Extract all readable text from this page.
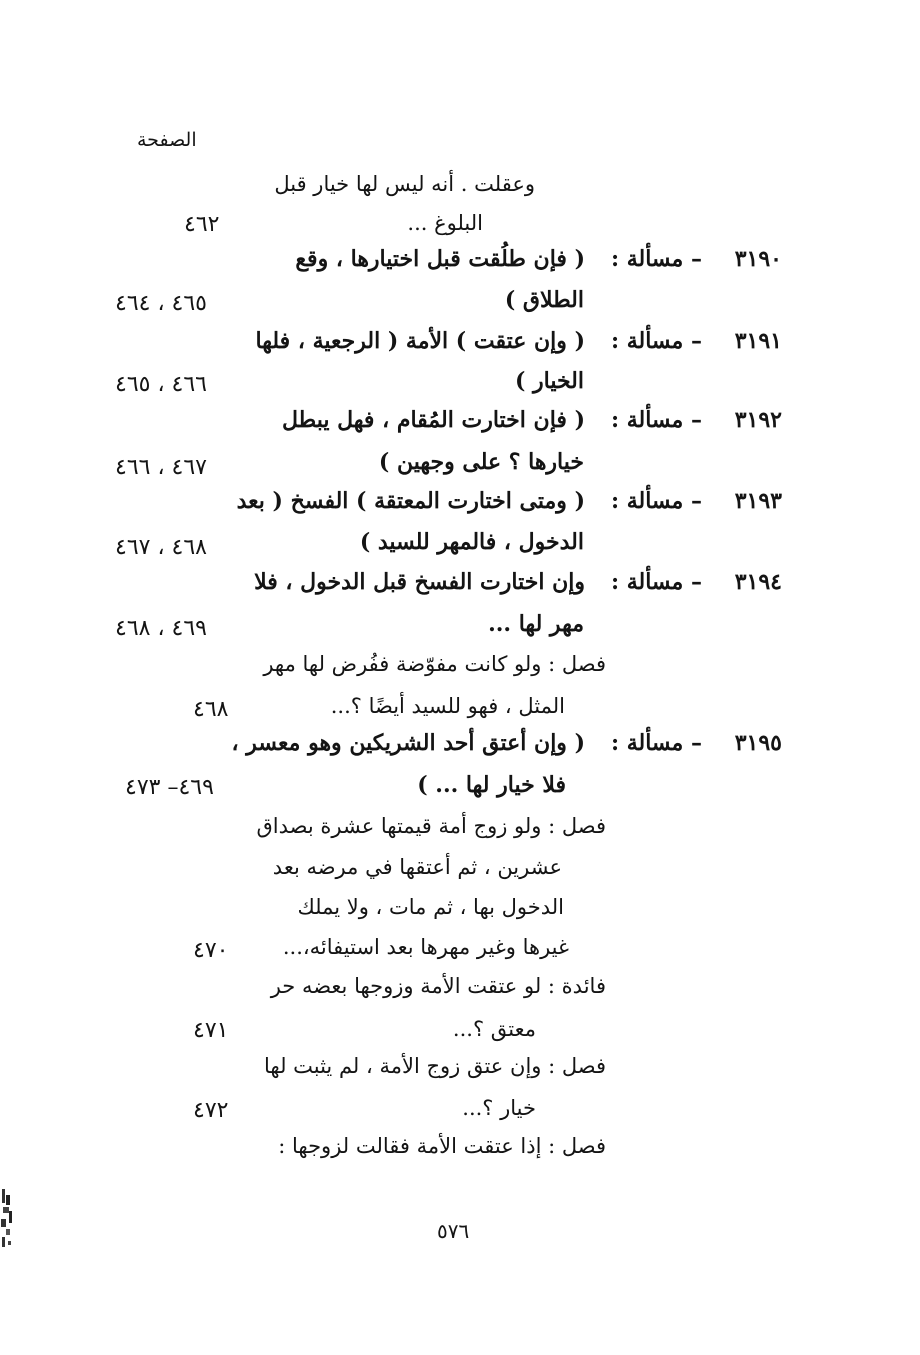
الصفحة
وعقلت . أنه ليس لها خيار قبل
البلوغ ...
٤٦٢
٣١٩٠
– مسألة :
( فإن طلُقت قبل اختيارها ، وقع
الطلاق )
٤٦٥ ، ٤٦٤
٣١٩١
– مسألة :
( وإن عتقت ) الأمة ( الرجعية ، فلها
الخيار )
٤٦٦ ، ٤٦٥
٣١٩٢
– مسألة :
( فإن اختارت المُقام ، فهل يبطل
خيارها ؟ على وجهين )
٤٦٧ ، ٤٦٦
٣١٩٣
– مسألة :
( ومتى اختارت المعتقة ) الفسخ ( بعد
الدخول ، فالمهر للسيد )
٤٦٨ ، ٤٦٧
٣١٩٤
– مسألة :
وإن اختارت الفسخ قبل الدخول ، فلا
مهر لها ...
٤٦٩ ، ٤٦٨
فصل : ولو كانت مفوّضة ففُرض لها مهر
المثل ، فهو للسيد أيضًا ؟...
٤٦٨
٣١٩٥
– مسألة :
( وإن أعتق أحد الشريكين وهو معسر ،
فلا خيار لها ... )
٤٦٩– ٤٧٣
فصل : ولو زوج أمة قيمتها عشرة بصداق
عشرين ، ثم أعتقها في مرضه بعد
الدخول بها ، ثم مات ، ولا يملك
غيرها وغير مهرها بعد استيفائه،...
٤٧٠
فائدة : لو عتقت الأمة وزوجها بعضه حر
معتق ؟...
٤٧١
فصل : وإن عتق زوج الأمة ، لم يثبت لها
خيار ؟...
٤٧٢
فصل : إذا عتقت الأمة فقالت لزوجها :
٥٧٦
